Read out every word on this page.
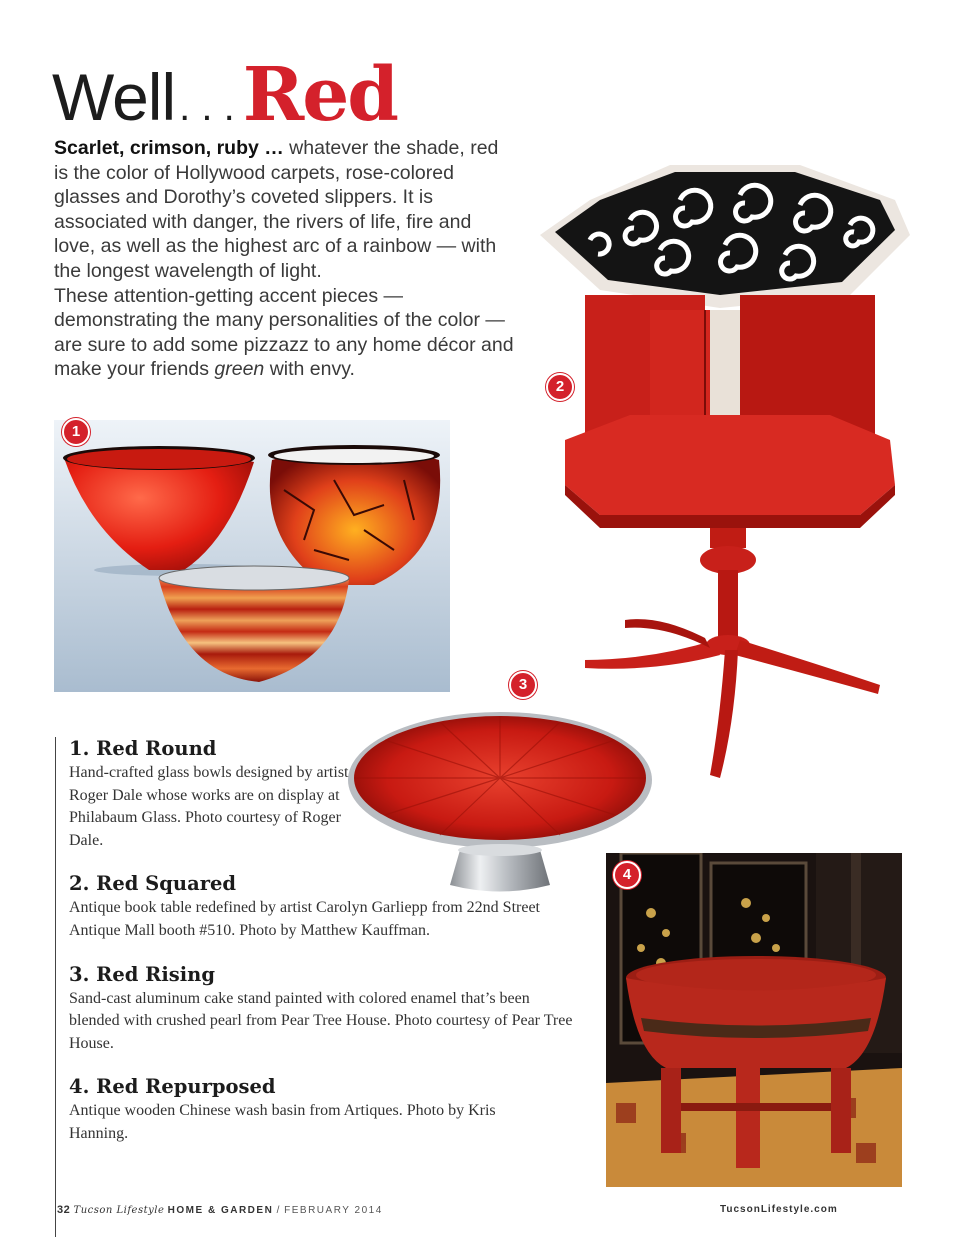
Well . . . Red

Scarlet, crimson, ruby … whatever the shade, red is the color of Hollywood carpets, rose-colored glasses and Dorothy’s coveted slippers. It is associated with danger, the rivers of life, fire and love, as well as the highest arc of a rainbow — with the longest wavelength of light.

These attention-getting accent pieces — demonstrating the many personalities of the color — are sure to add some pizzazz to any home décor and make your friends green with envy.

1
2
3
4
1. Red Round

Hand-crafted glass bowls designed by artist Roger Dale whose works are on display at Philabaum Glass. Photo courtesy of Roger Dale.

2. Red Squared

Antique book table redefined by artist Carolyn Garliepp from 22nd Street Antique Mall booth #510. Photo by Matthew Kauffman.

3. Red Rising

Sand-cast aluminum cake stand painted with colored enamel that’s been blended with crushed pearl from Pear Tree House. Photo courtesy of Pear Tree House.

4. Red Repurposed

Antique wooden Chinese wash basin from Artiques. Photo by Kris Hanning.

32 Tucson Lifestyle HOME & GARDEN / FEBRUARY 2014	TucsonLifestyle.com
